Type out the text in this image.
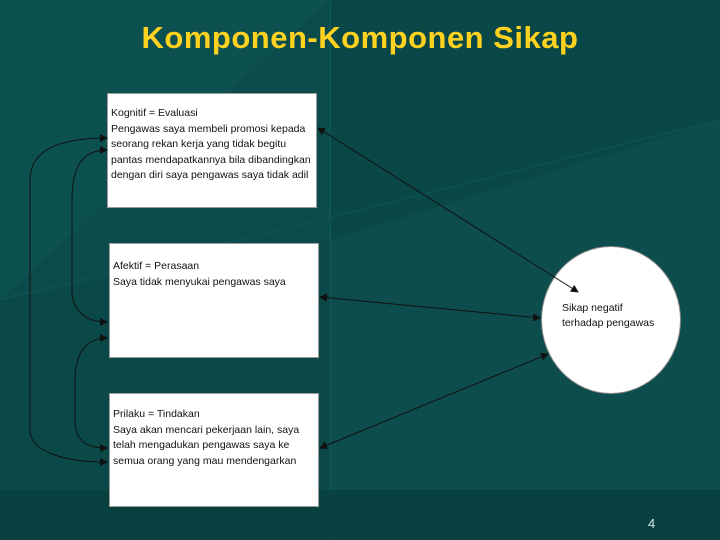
Komponen-Komponen Sikap
Kognitif = Evaluasi
Pengawas saya membeli promosi kepada
seorang rekan kerja yang tidak begitu
pantas mendapatkannya bila dibandingkan
dengan diri saya pengawas saya tidak adil
Afektif = Perasaan
Saya tidak menyukai pengawas saya
Prilaku = Tindakan
Saya akan mencari pekerjaan lain, saya
telah mengadukan pengawas saya ke
semua orang yang mau mendengarkan
Sikap negatif
terhadap pengawas
4
